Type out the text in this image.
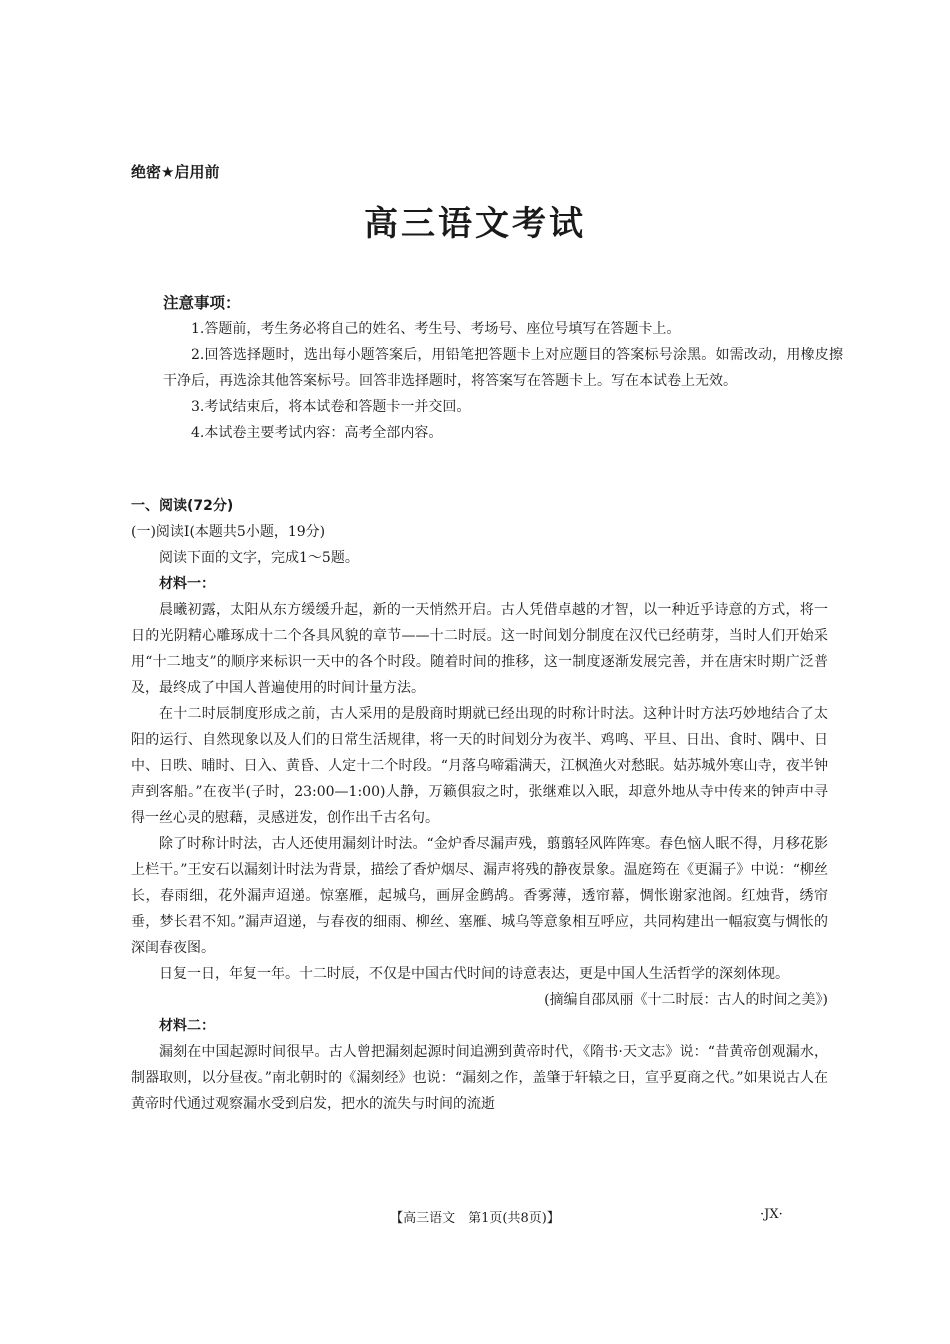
绝密★启用前
高三语文考试
注意事项：

1.答题前，考生务必将自己的姓名、考生号、考场号、座位号填写在答题卡上。

2.回答选择题时，选出每小题答案后，用铅笔把答题卡上对应题目的答案标号涂黑。如需改动，用橡皮擦干净后，再选涂其他答案标号。回答非选择题时，将答案写在答题卡上。写在本试卷上无效。

3.考试结束后，将本试卷和答题卡一并交回。

4.本试卷主要考试内容：高考全部内容。

一、阅读(72分)

(一)阅读Ⅰ(本题共5小题，19分)

阅读下面的文字，完成1～5题。

材料一：

晨曦初露，太阳从东方缓缓升起，新的一天悄然开启。古人凭借卓越的才智，以一种近乎诗意的方式，将一日的光阴精心雕琢成十二个各具风貌的章节——十二时辰。这一时间划分制度在汉代已经萌芽，当时人们开始采用“十二地支”的顺序来标识一天中的各个时段。随着时间的推移，这一制度逐渐发展完善，并在唐宋时期广泛普及，最终成了中国人普遍使用的时间计量方法。

在十二时辰制度形成之前，古人采用的是殷商时期就已经出现的时称计时法。这种计时方法巧妙地结合了太阳的运行、自然现象以及人们的日常生活规律，将一天的时间划分为夜半、鸡鸣、平旦、日出、食时、隅中、日中、日昳、晡时、日入、黄昏、人定十二个时段。“月落乌啼霜满天，江枫渔火对愁眠。姑苏城外寒山寺，夜半钟声到客船。”在夜半(子时，23:00—1:00)人静，万籁俱寂之时，张继难以入眠，却意外地从寺中传来的钟声中寻得一丝心灵的慰藉，灵感迸发，创作出千古名句。

除了时称计时法，古人还使用漏刻计时法。“金炉香尽漏声残，翦翦轻风阵阵寒。春色恼人眠不得，月移花影上栏干。”王安石以漏刻计时法为背景，描绘了香炉烟尽、漏声将残的静夜景象。温庭筠在《更漏子》中说：“柳丝长，春雨细，花外漏声迢递。惊塞雁，起城乌，画屏金鹧鸪。香雾薄，透帘幕，惆怅谢家池阁。红烛背，绣帘垂，梦长君不知。”漏声迢递，与春夜的细雨、柳丝、塞雁、城乌等意象相互呼应，共同构建出一幅寂寞与惆怅的深闺春夜图。

日复一日，年复一年。十二时辰，不仅是中国古代时间的诗意表达，更是中国人生活哲学的深刻体现。

(摘编自邵凤丽《十二时辰：古人的时间之美》)

材料二：

漏刻在中国起源时间很早。古人曾把漏刻起源时间追溯到黄帝时代，《隋书·天文志》说：“昔黄帝创观漏水，制器取则，以分昼夜。”南北朝时的《漏刻经》也说：“漏刻之作，盖肇于轩辕之日，宣乎夏商之代。”如果说古人在黄帝时代通过观察漏水受到启发，把水的流失与时间的流逝

【高三语文　第1页(共8页)】	·JX·
